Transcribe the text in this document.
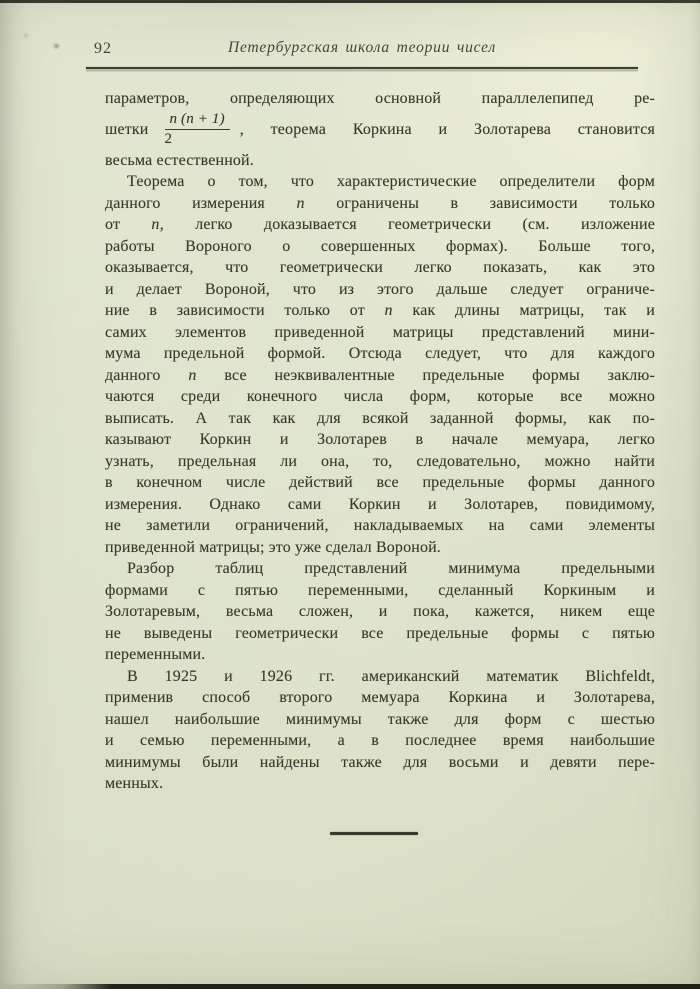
92	Петербургская школа теории чисел
параметров, определяющих основной параллелепипед ре-
шетки $\frac{n (n + 1)}{2}$ , теорема Коркина и Золотарева становится
весьма естественной.
Теорема о том, что характеристические определители форм
данного измерения n ограничены в зависимости только
от n, легко доказывается геометрически (см. изложение
работы Вороного о совершенных формах). Больше того,
оказывается, что геометрически легко показать, как это
и делает Вороной, что из этого дальше следует ограниче-
ние в зависимости только от n как длины матрицы, так и
самих элементов приведенной матрицы представлений мини-
мума предельной формой. Отсюда следует, что для каждого
данного n все неэквивалентные предельные формы заклю-
чаются среди конечного числа форм, которые все можно
выписать. А так как для всякой заданной формы, как по-
казывают Коркин и Золотарев в начале мемуара, легко
узнать, предельная ли она, то, следовательно, можно найти
в конечном числе действий все предельные формы данного
измерения. Однако сами Коркин и Золотарев, повидимому,
не заметили ограничений, накладываемых на сами элементы
приведенной матрицы; это уже сделал Вороной.
Разбор таблиц представлений минимума предельными
формами с пятью переменными, сделанный Коркиным и
Золотаревым, весьма сложен, и пока, кажется, никем еще
не выведены геометрически все предельные формы с пятью
переменными.
В 1925 и 1926 гг. американский математик Blichfeldt,
применив способ второго мемуара Коркина и Золотарева,
нашел наибольшие минимумы также для форм с шестью
и семью переменными, а в последнее время наибольшие
минимумы были найдены также для восьми и девяти пере-
менных.
